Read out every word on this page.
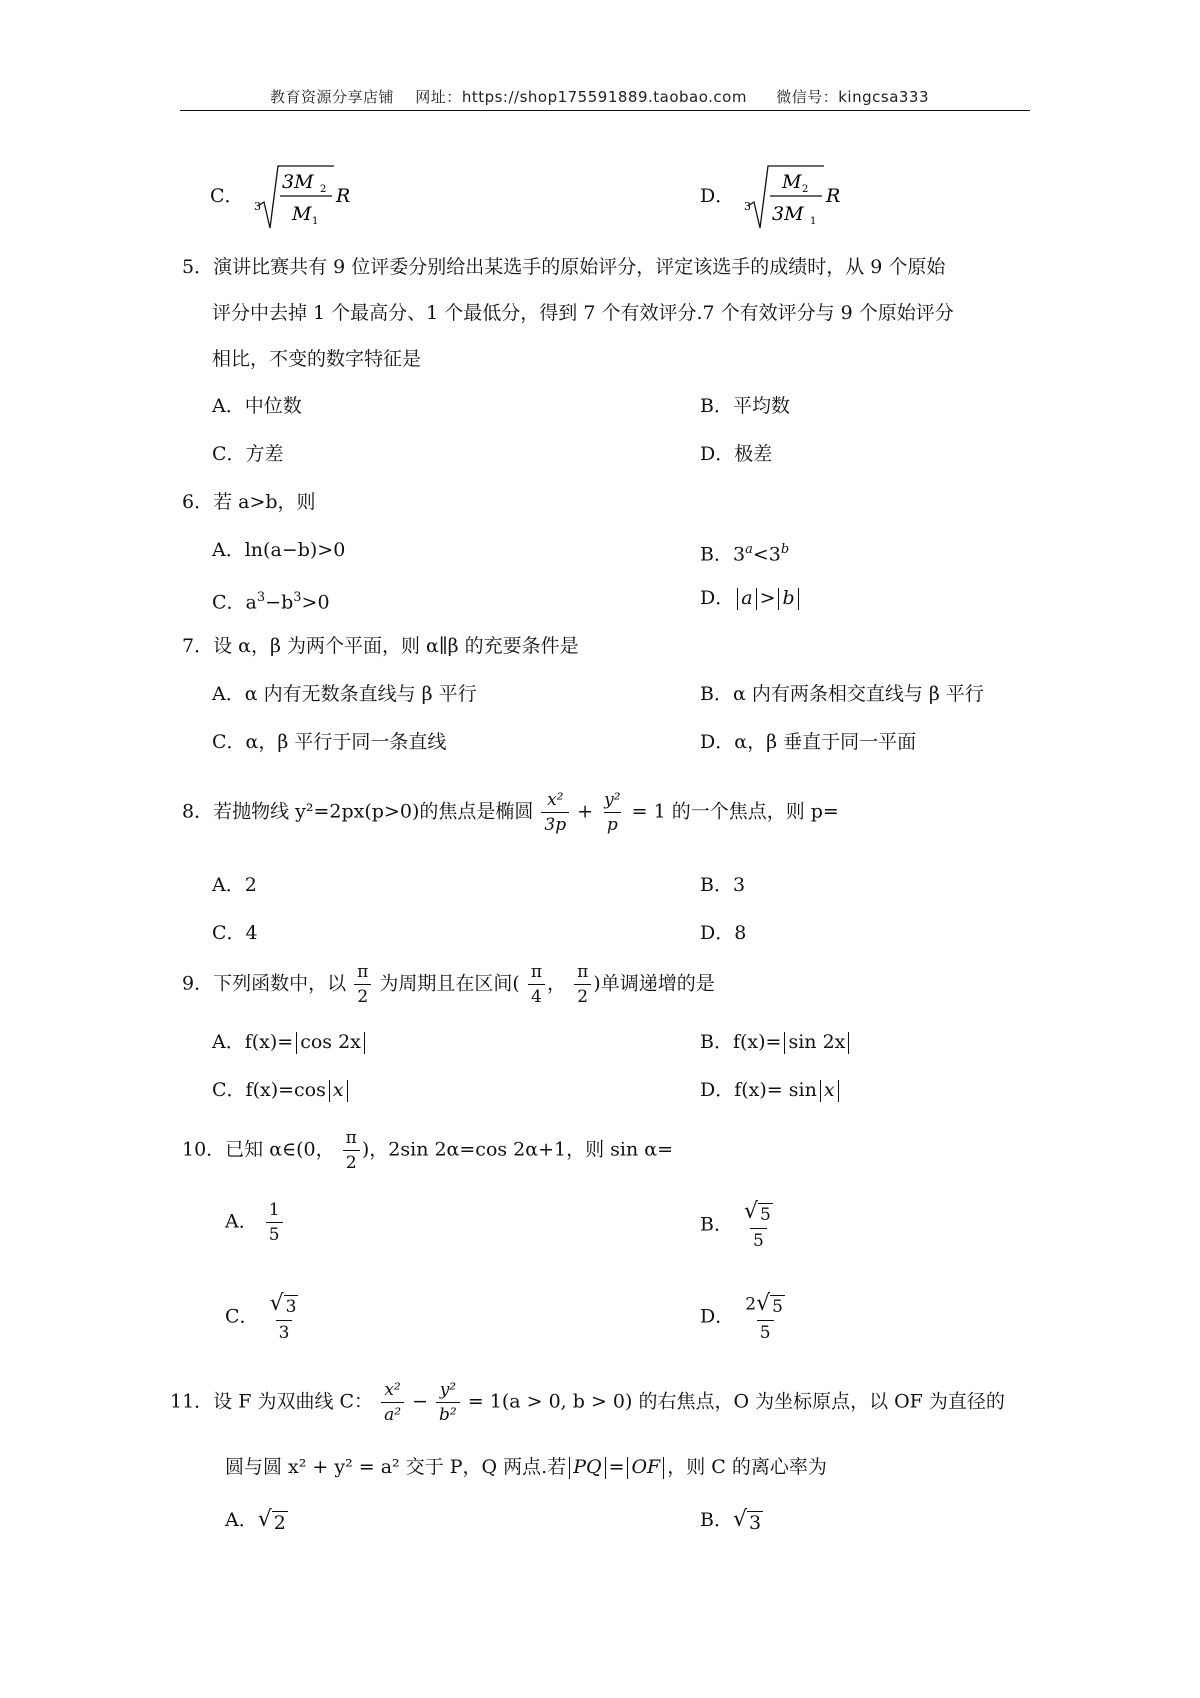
教育资源分享店铺 网址：https://shop175591889.taobao.com 微信号：kingcsa333
C． 3
3M 2
M 1
R	D． 3
M 2
3M 1
R
5．演讲比赛共有 9 位评委分别给出某选手的原始评分，评定该选手的成绩时，从 9 个原始
评分中去掉 1 个最高分、1 个最低分，得到 7 个有效评分.7 个有效评分与 9 个原始评分
相比，不变的数字特征是
A．中位数	B．平均数
C．方差	D．极差
6．若 a>b，则
A．ln(a−b)>0	B．$3^a<3^b$
C．$a^3-b^3>0$	D． a > b
7．设 α，β 为两个平面，则 α∥β 的充要条件是
A．α 内有无数条直线与 β 平行	B．α 内有两条相交直线与 β 平行
C．α，β 平行于同一条直线	D．α，β 垂直于同一平面
8．若抛物线 y²=2px(p>0)的焦点是椭圆 $\frac{\text{x²}}{3p} + \frac{\text{y²}}{p} = 1$ 的一个焦点，则 p=
A．2	B．3
C．4	D．8
9．下列函数中，以 $\frac{\pi}{2}$ 为周期且在区间( $\frac{\pi}{4}$ ， $\frac{\pi}{2}$ )单调递增的是
A．f(x)= cos 2x	B．f(x)= sin 2x
C．f(x)=cos x	D．f(x)= sin x
10．已知 α∈(0， $\frac{\pi}{2}$ )，2sin 2α=cos 2α+1，则 sin α=
A． $\frac{1}{5}$	B． $\frac{√ 5}{5}$
C． $\frac{√ 3}{3}$	D． $\frac{2 √ 5}{5}$
11．设 F 为双曲线 C： $\frac{\text{x²}}{\text{a²}} - \frac{\text{y²}}{\text{b²}} = 1(a > 0$, b > 0) 的右焦点，O 为坐标原点，以 OF 为直径的
圆与圆 x² + y² = a² 交于 P，Q 两点.若 PQ = OF ，则 C 的离心率为
A． √ 2	B． √ 3
